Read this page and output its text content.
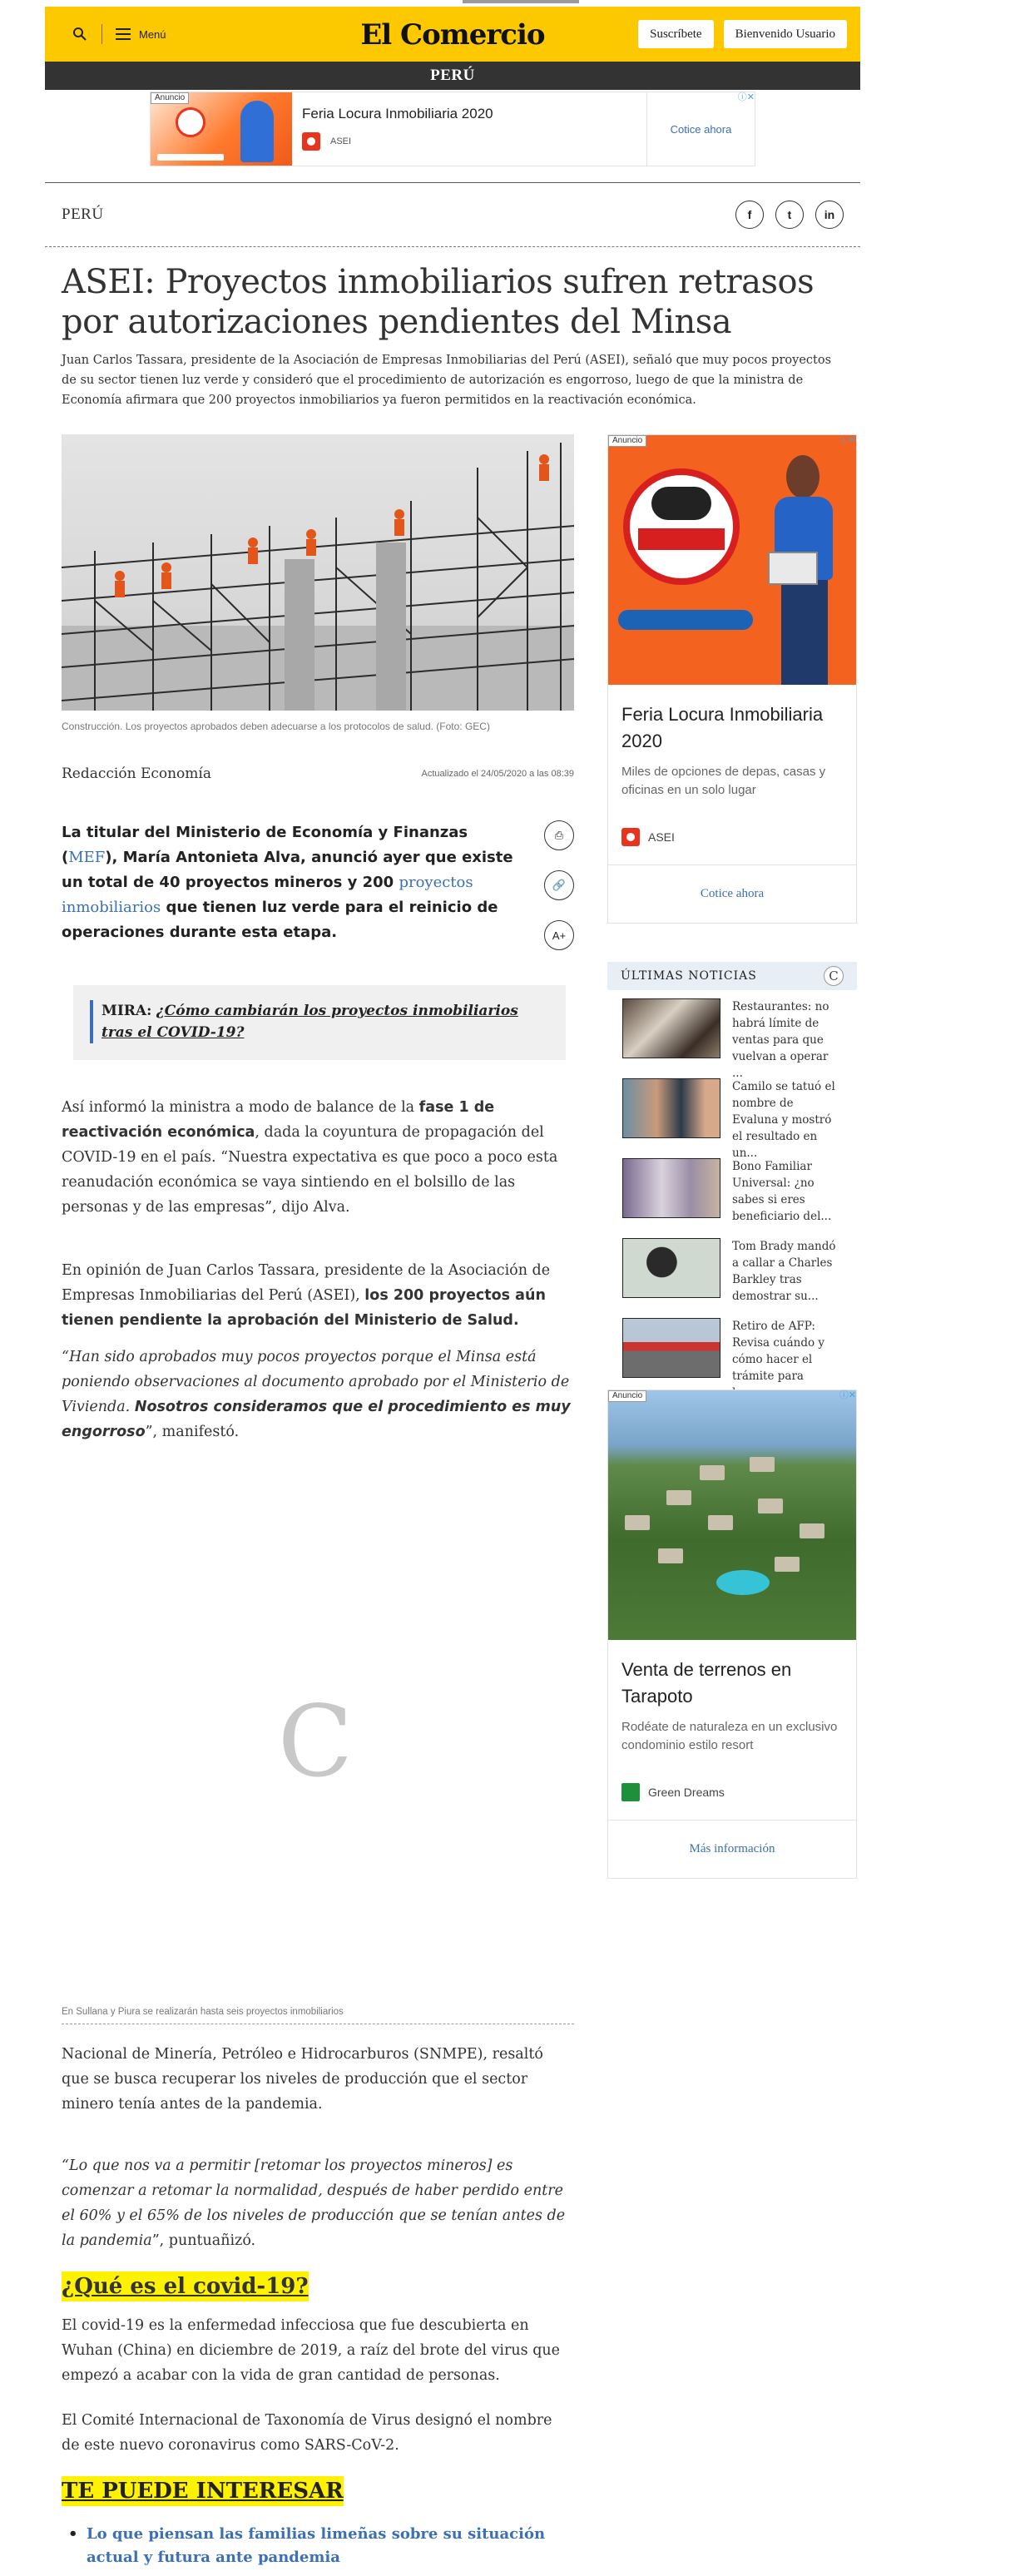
Menú	El Comercio	Suscríbete	Bienvenido Usuario
PERÚ
Feria Locura Inmobiliaria 2020
ASEI
Cotice ahora
Anuncio	ⓘ✕
PERÚ	f	t	in
ASEI: Proyectos inmobiliarios sufren retrasos por autorizaciones pendientes del Minsa

Juan Carlos Tassara, presidente de la Asociación de Empresas Inmobiliarias del Perú (ASEI), señaló que muy pocos proyectos de su sector tienen luz verde y consideró que el procedimiento de autorización es engorroso, luego de que la ministra de Economía afirmara que 200 proyectos inmobiliarios ya fueron permitidos en la reactivación económica.

Construcción. Los proyectos aprobados deben adecuarse a los protocolos de salud. (Foto: GEC)

Redacción Economía	Actualizado el 24/05/2020 a las 08:39

La titular del Ministerio de Economía y Finanzas (MEF), María Antonieta Alva, anunció ayer que existe un total de 40 proyectos mineros y 200 proyectos inmobiliarios que tienen luz verde para el reinicio de operaciones durante esta etapa.

⎙
🔗
A+
MIRA: ¿Cómo cambiarán los proyectos inmobiliarios tras el COVID-19?

Así informó la ministra a modo de balance de la fase 1 de reactivación económica, dada la coyuntura de propagación del COVID-19 en el país. “Nuestra expectativa es que poco a poco esta reanudación económica se vaya sintiendo en el bolsillo de las personas y de las empresas”, dijo Alva.

En opinión de Juan Carlos Tassara, presidente de la Asociación de Empresas Inmobiliarias del Perú (ASEI), los 200 proyectos aún tienen pendiente la aprobación del Ministerio de Salud.

“Han sido aprobados muy pocos proyectos porque el Minsa está poniendo observaciones al documento aprobado por el Ministerio de Vivienda. Nosotros consideramos que el procedimiento es muy engorroso”, manifestó.

C

En Sullana y Piura se realizarán hasta seis proyectos inmobiliarios

Nacional de Minería, Petróleo e Hidrocarburos (SNMPE), resaltó que se busca recuperar los niveles de producción que el sector minero tenía antes de la pandemia.

“Lo que nos va a permitir [retomar los proyectos mineros] es comenzar a retomar la normalidad, después de haber perdido entre el 60% y el 65% de los niveles de producción que se tenían antes de la pandemia”, puntuañizó.

¿Qué es el covid-19?

El covid-19 es la enfermedad infecciosa que fue descubierta en Wuhan (China) en diciembre de 2019, a raíz del brote del virus que empezó a acabar con la vida de gran cantidad de personas.

El Comité Internacional de Taxonomía de Virus designó el nombre de este nuevo coronavirus como SARS-CoV-2.

TE PUEDE INTERESAR

• Lo que piensan las familias limeñas sobre su situación actual y futura ante pandemia

Feria Locura Inmobiliaria 2020
Miles de opciones de depas, casas y oficinas en un solo lugar
ASEI
Cotice ahora
Anuncio	ⓘ✕
ÚLTIMAS NOTICIAS	C
Restaurantes: no habrá límite de ventas para que vuelvan a operar ...
Camilo se tatuó el nombre de Evaluna y mostró el resultado en un...
Bono Familiar Universal: ¿no sabes si eres beneficiario del...
Tom Brady mandó a callar a Charles Barkley tras demostrar su...
Retiro de AFP: Revisa cuándo y cómo hacer el trámite para
Venta de terrenos en Tarapoto
Rodéate de naturaleza en un exclusivo condominio estilo resort
Green Dreams
Más información
Anuncio	ⓘ✕
